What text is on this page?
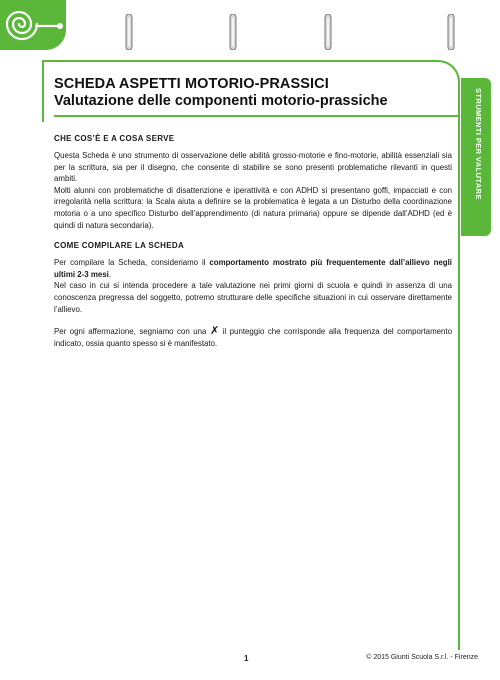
STRUMENTI PER VALUTARE
SCHEDA ASPETTI MOTORIO-PRASSICI
Valutazione delle componenti motorio-prassiche

CHE COS’È E A COSA SERVE

Questa Scheda è uno strumento di osservazione delle abilità grosso-motorie e fino-motorie, abilità essenziali sia per la scrittura, sia per il disegno, che consente di stabilire se sono presenti problematiche rilevanti in questi ambiti.

Molti alunni con problematiche di disattenzione e iperattività e con ADHD si presentano goffi, impacciati e con irregolarità nella scrittura: la Scala aiuta a definire se la problematica è legata a un Disturbo della coordinazione motoria o a uno specifico Disturbo dell’apprendimento (di natura primaria) oppure se dipende dall’ADHD (ed è quindi di natura secondaria).

COME COMPILARE LA SCHEDA

Per compilare la Scheda, consideriamo il comportamento mostrato più frequentemente dall’allievo negli ultimi 2-3 mesi.

Nel caso in cui si intenda procedere a tale valutazione nei primi giorni di scuola e quindi in assenza di una conoscenza pregressa del soggetto, potremo strutturare delle specifiche situazioni in cui osservare direttamente l’allievo.

Per ogni affermazione, segniamo con una ✗ il punteggio che corrisponde alla frequenza del comportamento indicato, ossia quanto spesso si è manifestato.

1	© 2015 Giunti Scuola S.r.l. - Firenze
